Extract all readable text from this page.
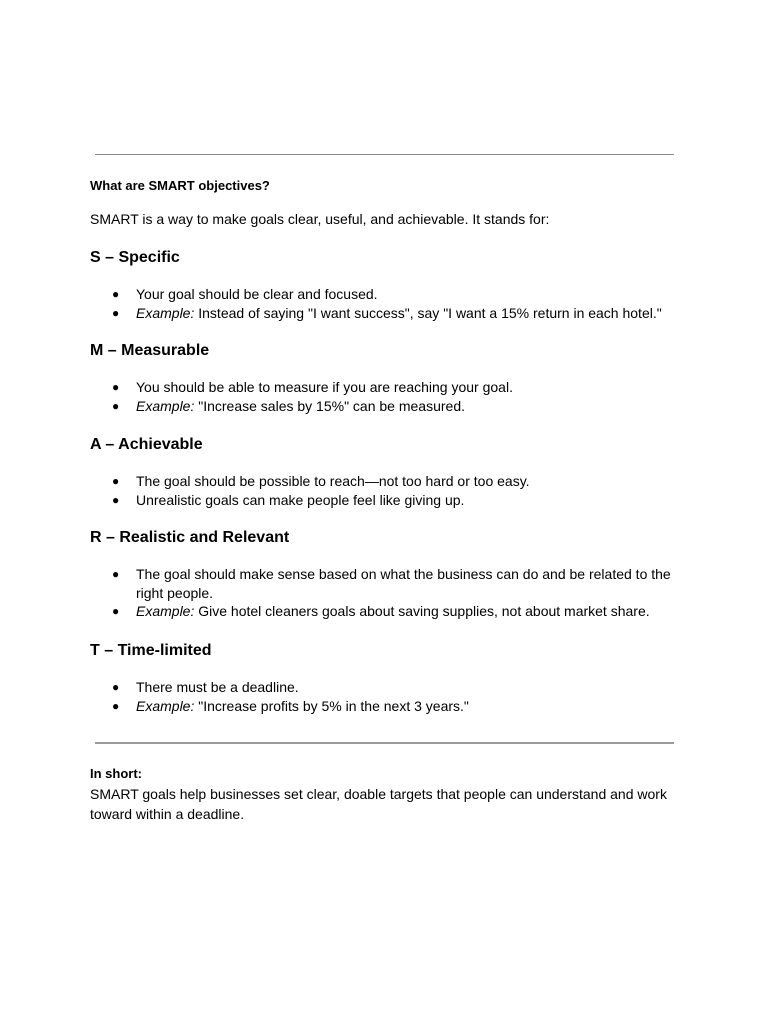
What are SMART objectives?
SMART is a way to make goals clear, useful, and achievable. It stands for:
S – Specific
● Your goal should be clear and focused.
● Example: Instead of saying "I want success", say "I want a 15% return in each hotel."
M – Measurable
● You should be able to measure if you are reaching your goal.
● Example: "Increase sales by 15%" can be measured.
A – Achievable
● The goal should be possible to reach—not too hard or too easy.
● Unrealistic goals can make people feel like giving up.
R – Realistic and Relevant
● The goal should make sense based on what the business can do and be related to the right people.
● Example: Give hotel cleaners goals about saving supplies, not about market share.
T – Time-limited
● There must be a deadline.
● Example: "Increase profits by 5% in the next 3 years."
In short:
SMART goals help businesses set clear, doable targets that people can understand and work toward within a deadline.
